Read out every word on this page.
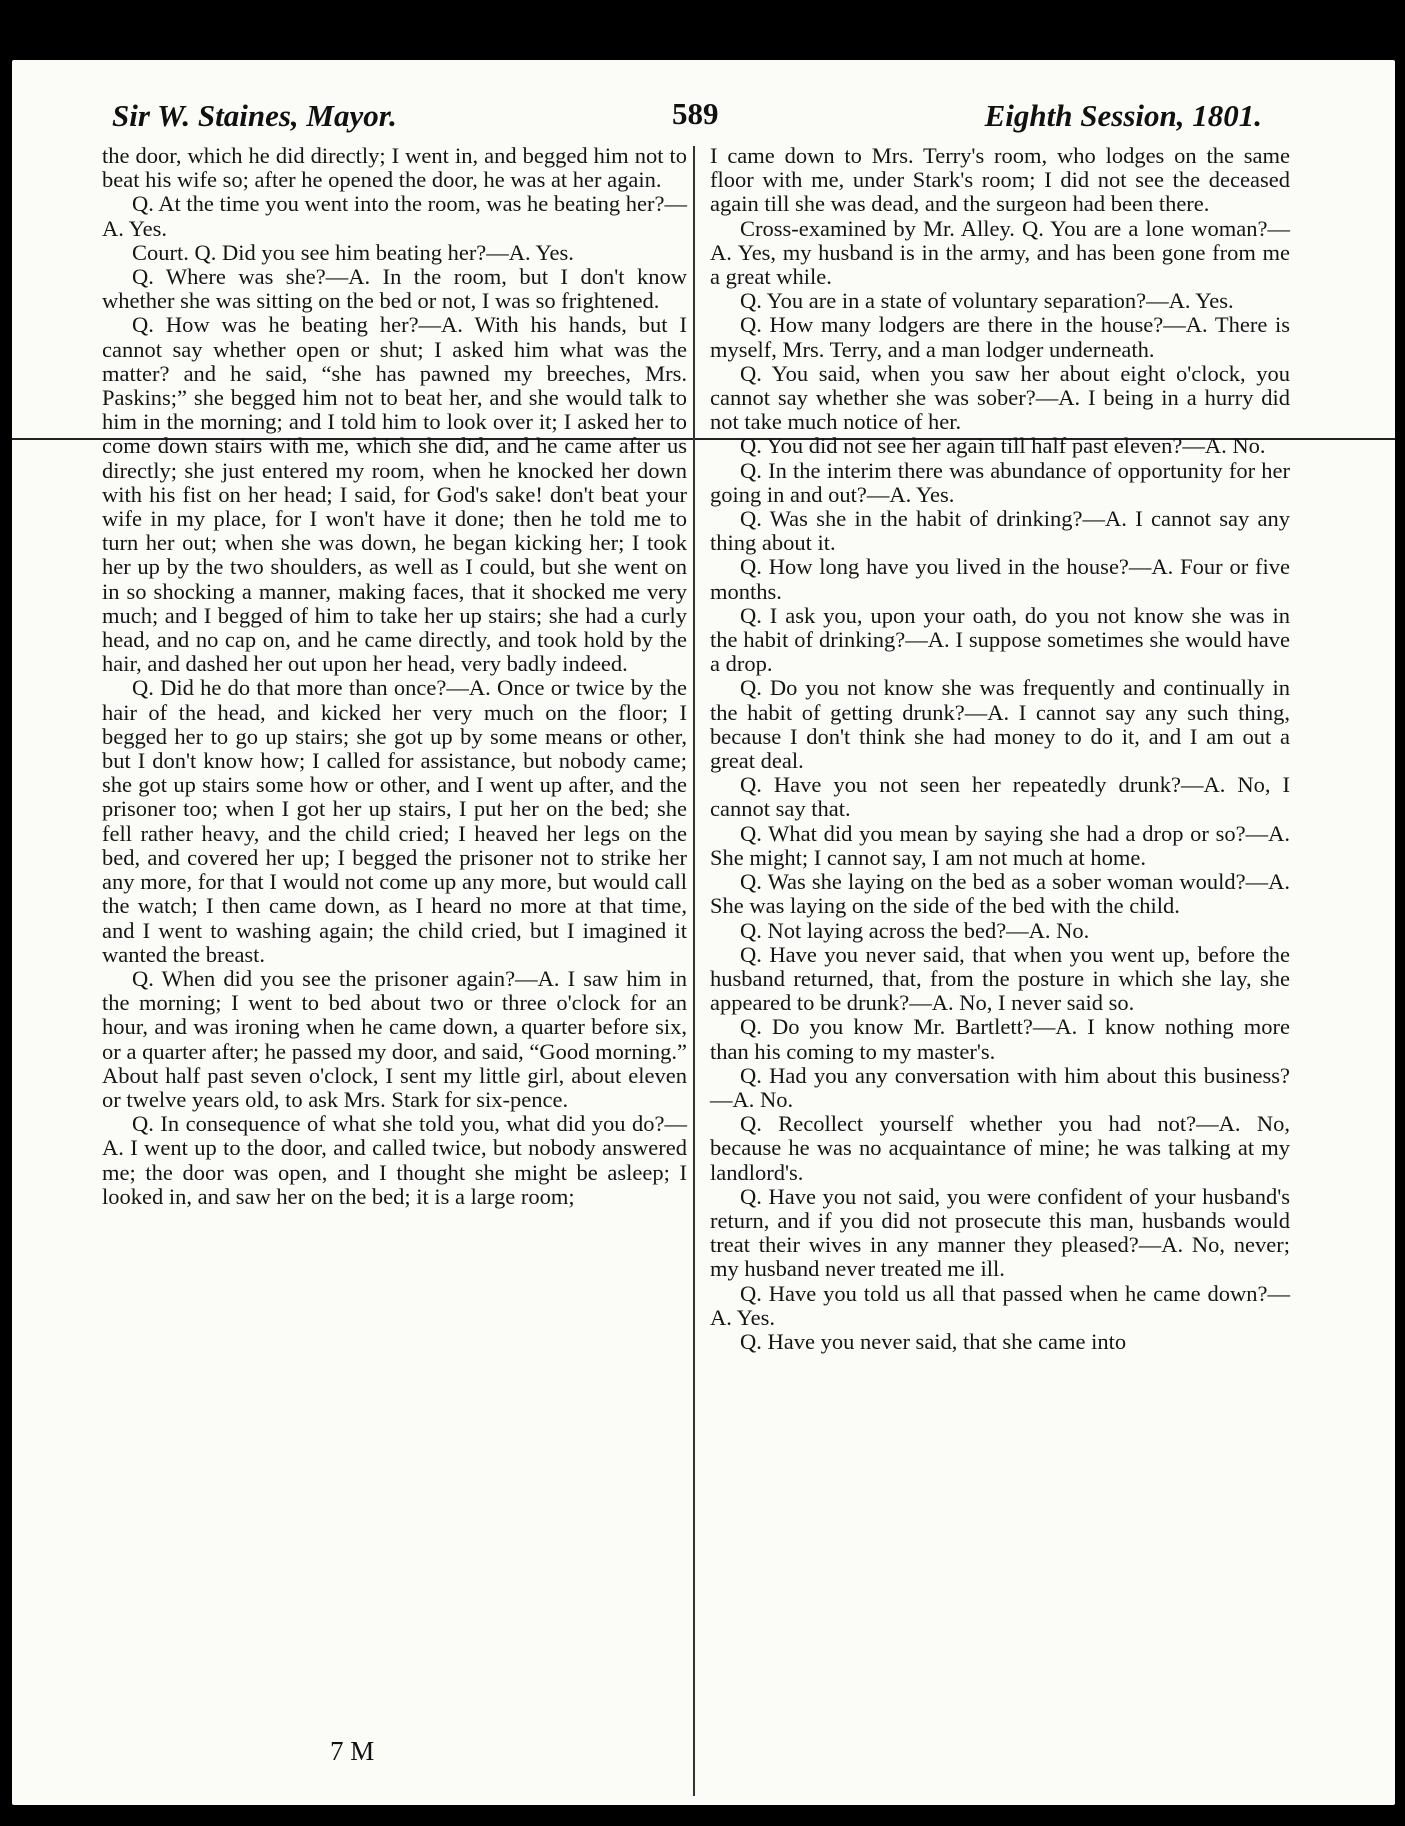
Sir W. Staines, Mayor.	589	Eighth Session, 1801.

the door, which he did directly; I went in, and begged him not to beat his wife so; after he opened the door, he was at her again.

Q. At the time you went into the room, was he beating her?—A. Yes.

Court. Q. Did you see him beating her?—A. Yes.

Q. Where was she?—A. In the room, but I don't know whether she was sitting on the bed or not, I was so frightened.

Q. How was he beating her?—A. With his hands, but I cannot say whether open or shut; I asked him what was the matter? and he said, “she has pawned my breeches, Mrs. Paskins;” she begged him not to beat her, and she would talk to him in the morning; and I told him to look over it; I asked her to come down stairs with me, which she did, and he came after us directly; she just entered my room, when he knocked her down with his fist on her head; I said, for God's sake! don't beat your wife in my place, for I won't have it done; then he told me to turn her out; when she was down, he began kicking her; I took her up by the two shoulders, as well as I could, but she went on in so shocking a manner, making faces, that it shocked me very much; and I begged of him to take her up stairs; she had a curly head, and no cap on, and he came directly, and took hold by the hair, and dashed her out upon her head, very badly indeed.

Q. Did he do that more than once?—A. Once or twice by the hair of the head, and kicked her very much on the floor; I begged her to go up stairs; she got up by some means or other, but I don't know how; I called for assistance, but nobody came; she got up stairs some how or other, and I went up after, and the prisoner too; when I got her up stairs, I put her on the bed; she fell rather heavy, and the child cried; I heaved her legs on the bed, and covered her up; I begged the prisoner not to strike her any more, for that I would not come up any more, but would call the watch; I then came down, as I heard no more at that time, and I went to washing again; the child cried, but I imagined it wanted the breast.

Q. When did you see the prisoner again?—A. I saw him in the morning; I went to bed about two or three o'clock for an hour, and was ironing when he came down, a quarter before six, or a quarter after; he passed my door, and said, “Good morning.” About half past seven o'clock, I sent my little girl, about eleven or twelve years old, to ask Mrs. Stark for six-pence.

Q. In consequence of what she told you, what did you do?—A. I went up to the door, and called twice, but nobody answered me; the door was open, and I thought she might be asleep; I looked in, and saw her on the bed; it is a large room;

I came down to Mrs. Terry's room, who lodges on the same floor with me, under Stark's room; I did not see the deceased again till she was dead, and the surgeon had been there.

Cross-examined by Mr. Alley. Q. You are a lone woman?—A. Yes, my husband is in the army, and has been gone from me a great while.

Q. You are in a state of voluntary separation?—A. Yes.

Q. How many lodgers are there in the house?—A. There is myself, Mrs. Terry, and a man lodger underneath.

Q. You said, when you saw her about eight o'clock, you cannot say whether she was sober?—A. I being in a hurry did not take much notice of her.

Q. You did not see her again till half past eleven?—A. No.

Q. In the interim there was abundance of opportunity for her going in and out?—A. Yes.

Q. Was she in the habit of drinking?—A. I cannot say any thing about it.

Q. How long have you lived in the house?—A. Four or five months.

Q. I ask you, upon your oath, do you not know she was in the habit of drinking?—A. I suppose sometimes she would have a drop.

Q. Do you not know she was frequently and continually in the habit of getting drunk?—A. I cannot say any such thing, because I don't think she had money to do it, and I am out a great deal.

Q. Have you not seen her repeatedly drunk?—A. No, I cannot say that.

Q. What did you mean by saying she had a drop or so?—A. She might; I cannot say, I am not much at home.

Q. Was she laying on the bed as a sober woman would?—A. She was laying on the side of the bed with the child.

Q. Not laying across the bed?—A. No.

Q. Have you never said, that when you went up, before the husband returned, that, from the posture in which she lay, she appeared to be drunk?—A. No, I never said so.

Q. Do you know Mr. Bartlett?—A. I know nothing more than his coming to my master's.

Q. Had you any conversation with him about this business?—A. No.

Q. Recollect yourself whether you had not?—A. No, because he was no acquaintance of mine; he was talking at my landlord's.

Q. Have you not said, you were confident of your husband's return, and if you did not prosecute this man, husbands would treat their wives in any manner they pleased?—A. No, never; my husband never treated me ill.

Q. Have you told us all that passed when he came down?—A. Yes.

Q. Have you never said, that she came into

7 M
